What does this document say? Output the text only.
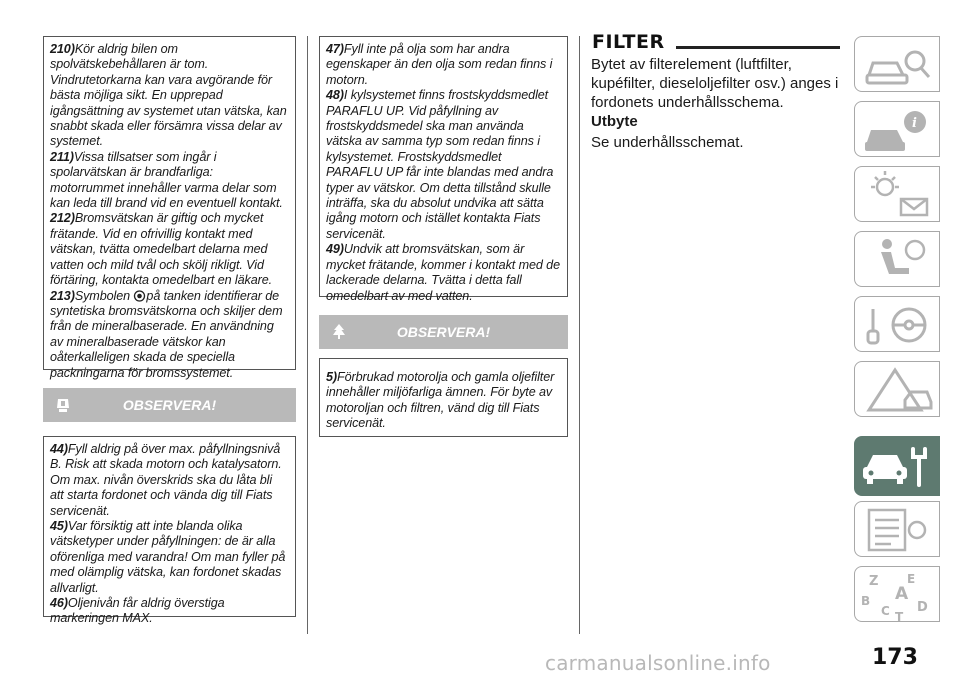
210)Kör aldrig bilen om spolvätskebehållaren är tom. Vindrutetorkarna kan vara avgörande för bästa möjliga sikt. En upprepad igångsättning av systemet utan vätska, kan snabbt skada eller försämra vissa delar av systemet.

211)Vissa tillsatser som ingår i spolarvätskan är brandfarliga: motorrummet innehåller varma delar som kan leda till brand vid en eventuell kontakt.

212)Bromsvätskan är giftig och mycket frätande. Vid en ofrivillig kontakt med vätskan, tvätta omedelbart delarna med vatten och mild tvål och skölj rikligt. Vid förtäring, kontakta omedelbart en läkare.

213)Symbolen på tanken identifierar de syntetiska bromsvätskorna och skiljer dem från de mineralbaserade. En användning av mineralbaserade vätskor kan oåterkalleligen skada de speciella packningarna för bromssystemet.

OBSERVERA!

44)Fyll aldrig på över max. påfyllningsnivå B. Risk att skada motorn och katalysatorn. Om max. nivån överskrids ska du låta bli att starta fordonet och vända dig till Fiats servicenät.

45)Var försiktig att inte blanda olika vätsketyper under påfyllningen: de är alla oförenliga med varandra! Om man fyller på med olämplig vätska, kan fordonet skadas allvarligt.

46)Oljenivån får aldrig överstiga markeringen MAX.

47)Fyll inte på olja som har andra egenskaper än den olja som redan finns i motorn.

48)I kylsystemet finns frostskyddsmedlet PARAFLU UP. Vid påfyllning av frostskyddsmedel ska man använda vätska av samma typ som redan finns i kylsystemet. Frostskyddsmedlet PARAFLU UP får inte blandas med andra typer av vätskor. Om detta tillstånd skulle inträffa, ska du absolut undvika att sätta igång motorn och istället kontakta Fiats servicenät.

49)Undvik att bromsvätskan, som är mycket frätande, kommer i kontakt med de lackerade delarna. Tvätta i detta fall omedelbart av med vatten.

OBSERVERA!

5)Förbrukad motorolja och gamla oljefilter innehåller miljöfarliga ämnen. För byte av motoroljan och filtren, vänd dig till Fiats servicenät.

FILTER
Bytet av filterelement (luftfilter, kupéfilter, dieseloljefilter osv.) anges i fordonets underhållsschema.
Utbyte
Se underhållsschemat.
i
Z E
A
B	D
C T
173
carmanualsonline.info
